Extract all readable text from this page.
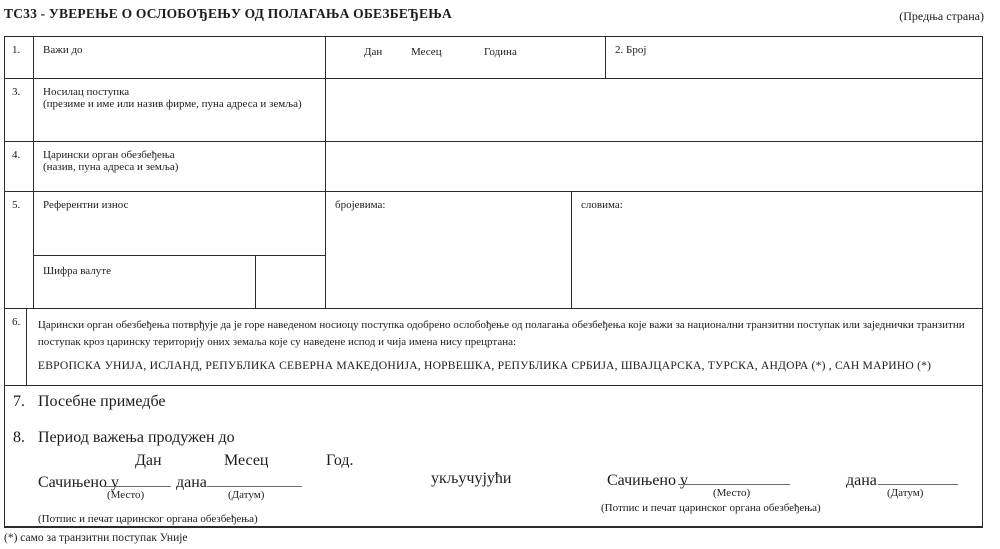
ТС33 - УВЕРЕЊЕ О ОСЛОБОЂЕЊУ ОД ПОЛАГАЊА ОБЕЗБЕЂЕЊА	(Предња страна)
1.	Важи до	Дан	Месец	Година	2. Број
3.	Носилац поступка
(презиме и име или назив фирме, пуна адреса и земља)
4.	Царински орган обезбеђења
(назив, пуна адреса и земља)
5.	Референтни износ
Шифра валуте
бројевима:	словима:
6.	Царински орган обезбеђења потврђује да је горе наведеном носиоцу поступка одобрено ослобођење од полагања обезбеђења које важи за национални транзитни поступак или заједнички транзитни поступак кроз царинску територију оних земаља које су наведене испод и чија имена нису прецртана:
ЕВРОПСКА УНИЈА, ИСЛАНД, РЕПУБЛИКА СЕВЕРНА МАКЕДОНИЈА, НОРВЕШКА, РЕПУБЛИКА СРБИЈА, ШВАЈЦАРСКА, ТУРСКА, АНДОРА (*) , САН МАРИНО (*)
7. Посебне примедбе
8. Период важења продужен до
Дан	Месец	Год.
укључујући
Сачињено у	дана
(Место)	(Датум)
(Потпис и печат царинског органа обезбеђења)
Сачињено у	дана
(Место)	(Датум)
(Потпис и печат царинског органа обезбеђења)
(*) само за транзитни поступак Уније
